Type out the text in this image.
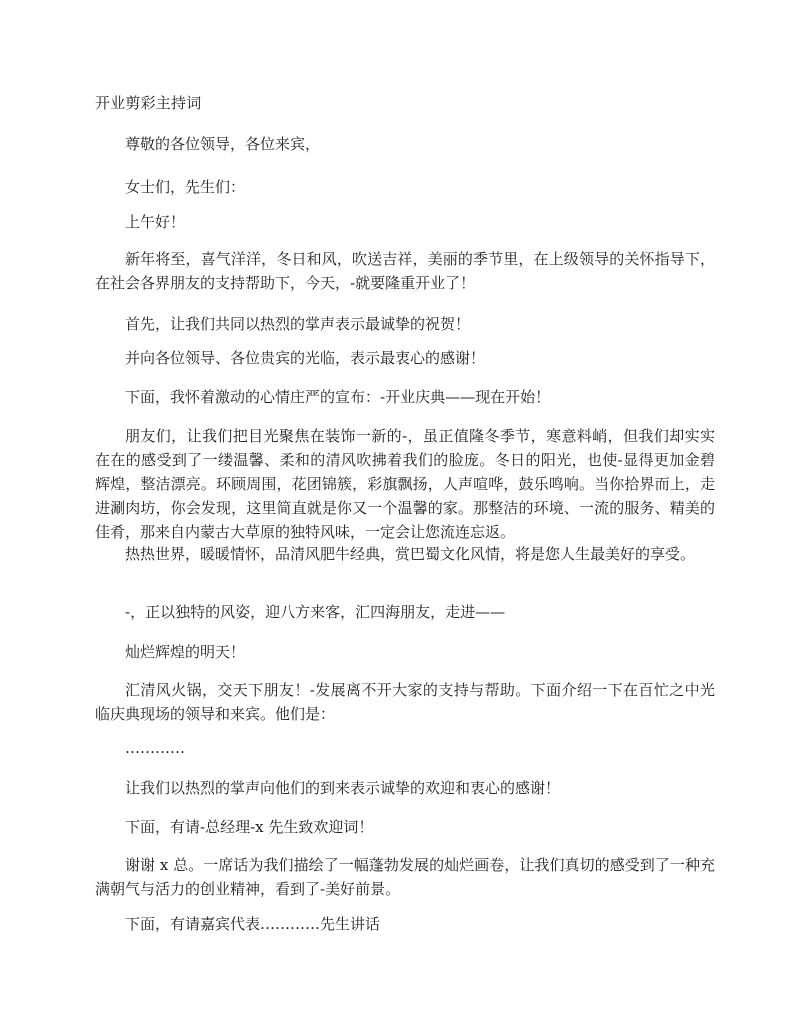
开业剪彩主持词

尊敬的各位领导，各位来宾，

女士们，先生们：

上午好！

新年将至，喜气洋洋，冬日和风，吹送吉祥，美丽的季节里，在上级领导的关怀指导下，在社会各界朋友的支持帮助下，今天，-就要隆重开业了！

首先，让我们共同以热烈的掌声表示最诚挚的祝贺！

并向各位领导、各位贵宾的光临，表示最衷心的感谢！

下面，我怀着激动的心情庄严的宣布：-开业庆典——现在开始！

朋友们，让我们把目光聚焦在装饰一新的-，虽正值隆冬季节，寒意料峭，但我们却实实在在的感受到了一缕温馨、柔和的清风吹拂着我们的脸庞。冬日的阳光，也使-显得更加金碧辉煌，整洁漂亮。环顾周围，花团锦簇，彩旗飘扬，人声喧哗，鼓乐鸣响。当你拾界而上，走进涮肉坊，你会发现，这里简直就是你又一个温馨的家。那整洁的环境、一流的服务、精美的佳肴，那来自内蒙古大草原的独特风味，一定会让您流连忘返。

热热世界，暖暖情怀，品清风肥牛经典，赏巴蜀文化风情，将是您人生最美好的享受。

-，正以独特的风姿，迎八方来客，汇四海朋友，走进——

灿烂辉煌的明天！

汇清风火锅，交天下朋友！-发展离不开大家的支持与帮助。下面介绍一下在百忙之中光临庆典现场的领导和来宾。他们是：

…………

让我们以热烈的掌声向他们的到来表示诚挚的欢迎和衷心的感谢！

下面，有请-总经理-x 先生致欢迎词！

谢谢 x 总。一席话为我们描绘了一幅蓬勃发展的灿烂画卷，让我们真切的感受到了一种充满朝气与活力的创业精神，看到了-美好前景。

下面，有请嘉宾代表…………先生讲话
